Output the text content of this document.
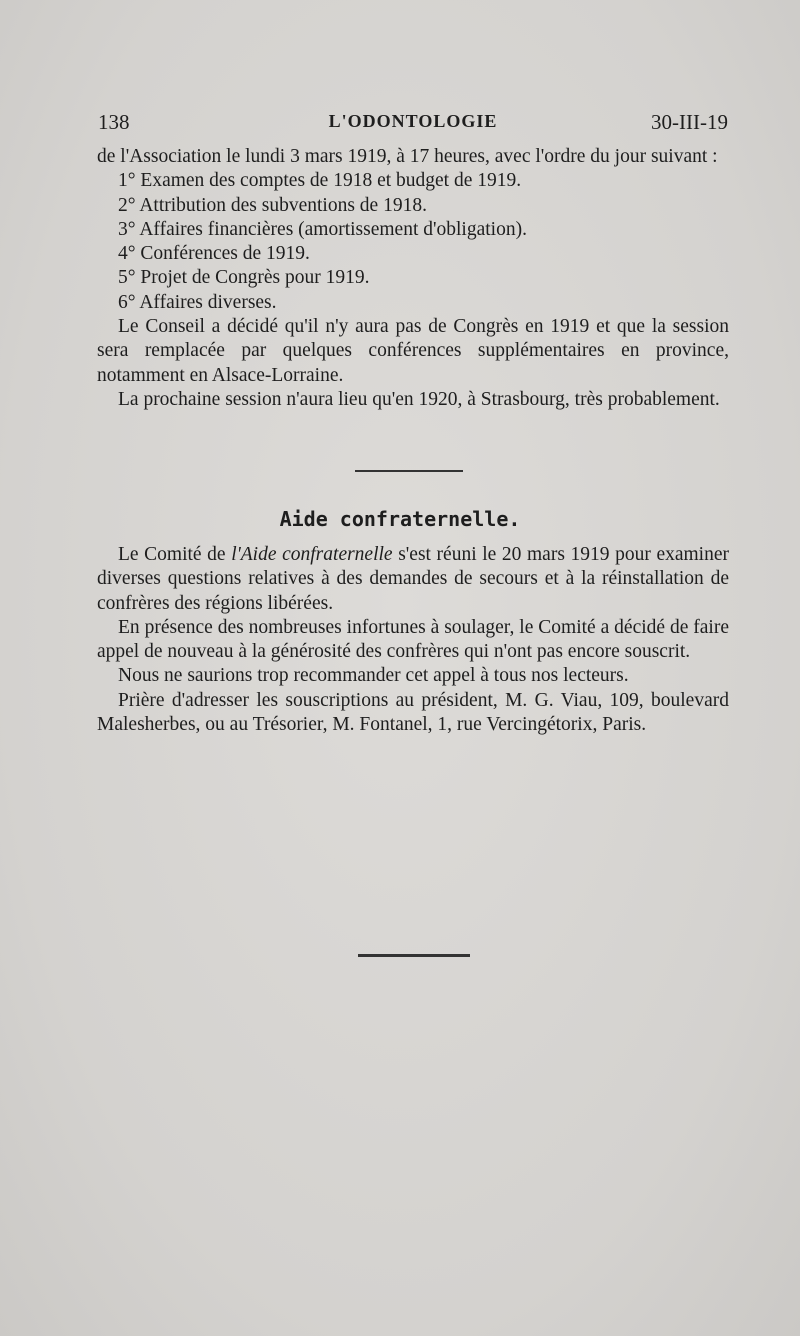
138	L'ODONTOLOGIE	30-III-19

de l'Association le lundi 3 mars 1919, à 17 heures, avec l'ordre du jour suivant :

1° Examen des comptes de 1918 et budget de 1919.

2° Attribution des subventions de 1918.

3° Affaires financières (amortissement d'obligation).

4° Conférences de 1919.

5° Projet de Congrès pour 1919.

6° Affaires diverses.

Le Conseil a décidé qu'il n'y aura pas de Congrès en 1919 et que la session sera remplacée par quelques conférences supplémentaires en province, notamment en Alsace-Lorraine.

La prochaine session n'aura lieu qu'en 1920, à Strasbourg, très probablement.

Aide confraternelle.

Le Comité de l'Aide confraternelle s'est réuni le 20 mars 1919 pour examiner diverses questions relatives à des demandes de secours et à la réinstallation de confrères des régions libérées.

En présence des nombreuses infortunes à soulager, le Comité a décidé de faire appel de nouveau à la générosité des confrères qui n'ont pas encore souscrit.

Nous ne saurions trop recommander cet appel à tous nos lecteurs.

Prière d'adresser les souscriptions au président, M. G. Viau, 109, boulevard Malesherbes, ou au Trésorier, M. Fontanel, 1, rue Vercingétorix, Paris.
